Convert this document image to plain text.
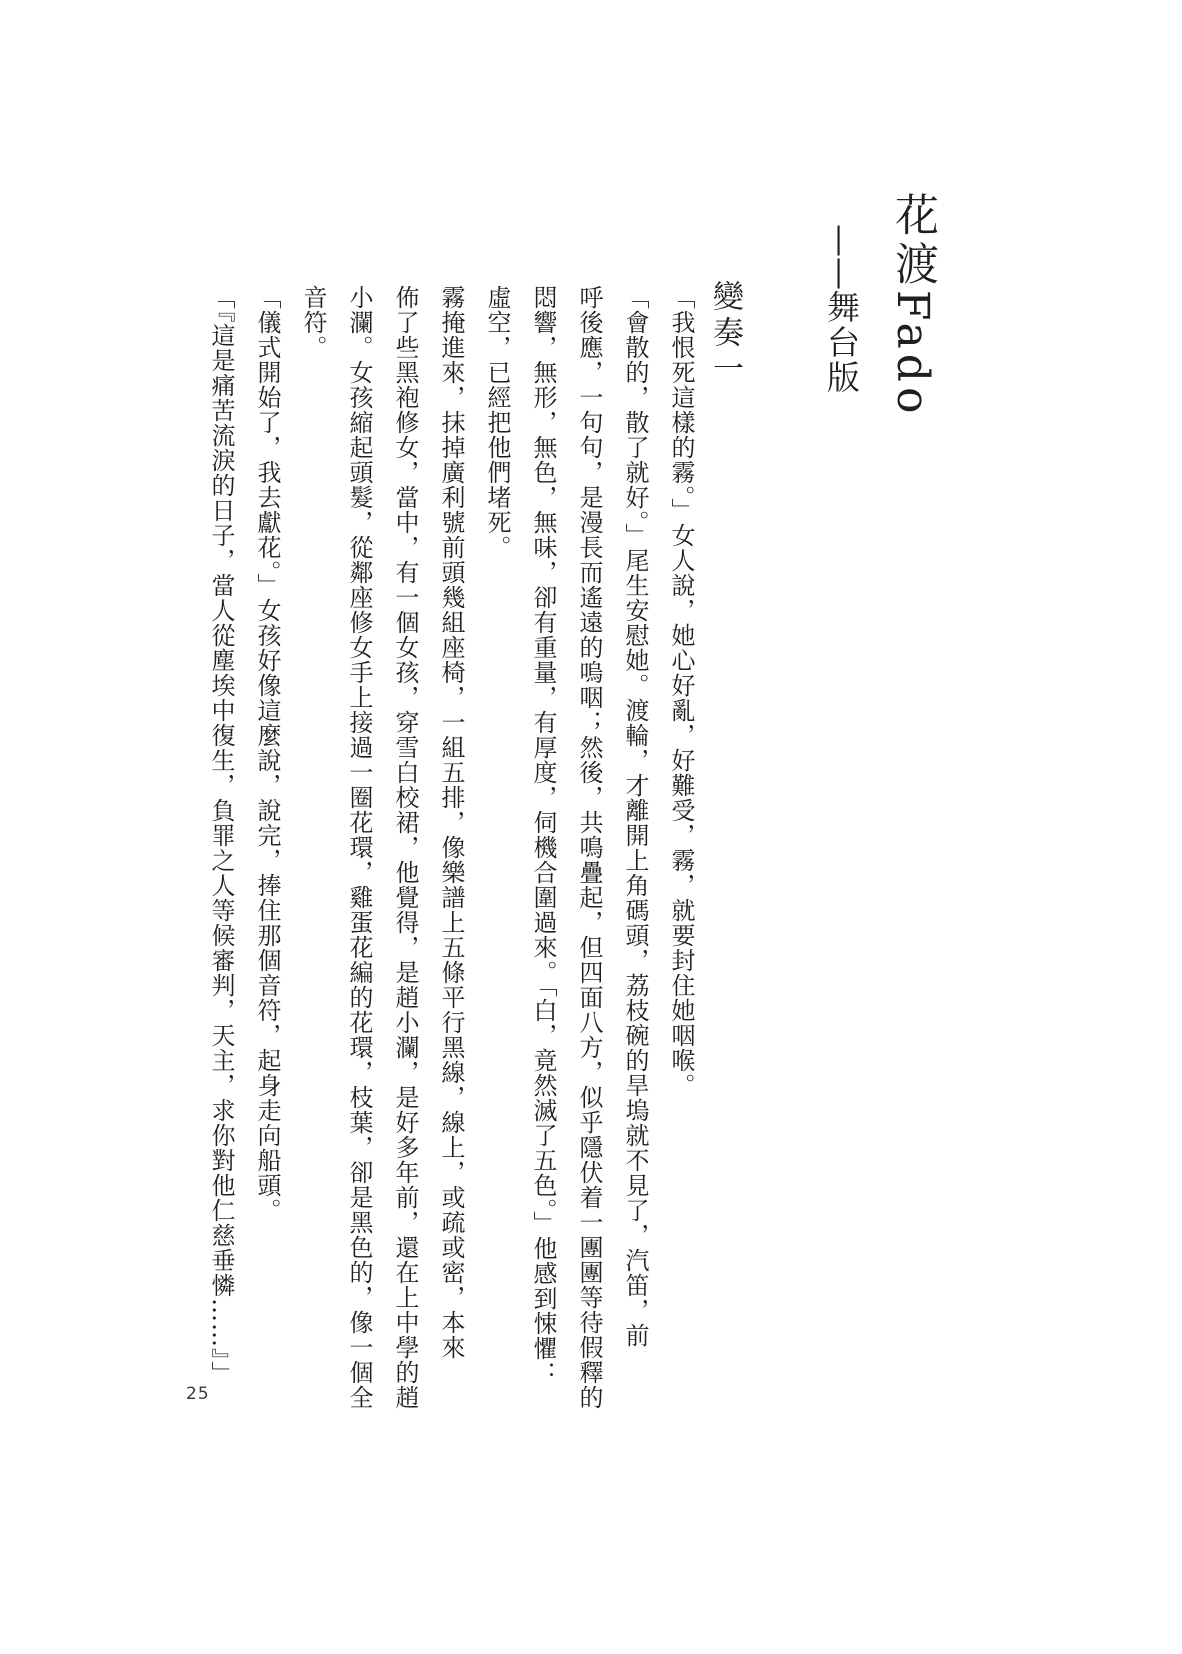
花渡Fado
——舞台版
變奏一
「我恨死這樣的霧。」女人說，她心好亂，好難受，霧，就要封住她咽喉。
「會散的，散了就好。」尾生安慰她。渡輪，才離開上角碼頭，荔枝碗的旱塢就不見了，汽笛，前
呼後應，一句句，是漫長而遙遠的嗚咽；然後，共鳴疊起，但四面八方，似乎隱伏着一團團等待假釋的
悶響，無形，無色，無味，卻有重量，有厚度，伺機合圍過來。「白，竟然滅了五色。」他感到悚懼：
虛空，已經把他們堵死。
霧掩進來，抹掉廣利號前頭幾組座椅，一組五排，像樂譜上五條平行黑線，線上，或疏或密，本來
佈了些黑袍修女，當中，有一個女孩，穿雪白校裙，他覺得，是趙小瀾，是好多年前，還在上中學的趙
小瀾。女孩縮起頭髮，從鄰座修女手上接過一圈花環，雞蛋花編的花環，枝葉，卻是黑色的，像一個全
音符。
「儀式開始了，我去獻花。」女孩好像這麼說，說完，捧住那個音符，起身走向船頭。
「『這是痛苦流淚的日子，當人從塵埃中復生，負罪之人等候審判，天主，求你對他仁慈垂憐……』」
25
